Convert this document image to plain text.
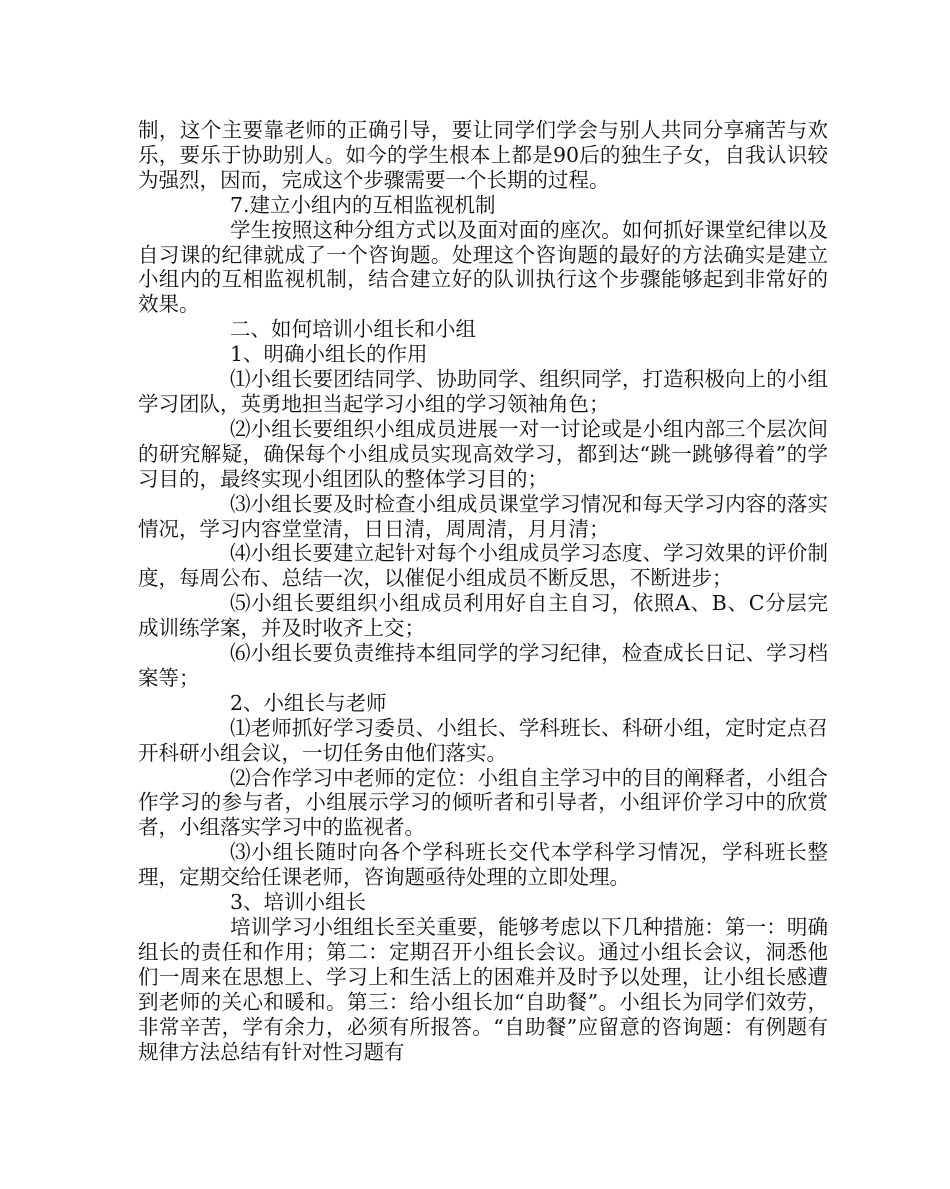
制，这个主要靠老师的正确引导，要让同学们学会与别人共同分享痛苦与欢乐，要乐于协助别人。如今的学生根本上都是90后的独生子女，自我认识较为强烈，因而，完成这个步骤需要一个长期的过程。

7.建立小组内的互相监视机制

学生按照这种分组方式以及面对面的座次。如何抓好课堂纪律以及自习课的纪律就成了一个咨询题。处理这个咨询题的最好的方法确实是建立小组内的互相监视机制，结合建立好的队训执行这个步骤能够起到非常好的效果。

二、如何培训小组长和小组

1、明确小组长的作用

⑴小组长要团结同学、协助同学、组织同学，打造积极向上的小组学习团队，英勇地担当起学习小组的学习领袖角色；

⑵小组长要组织小组成员进展一对一讨论或是小组内部三个层次间的研究解疑，确保每个小组成员实现高效学习，都到达“跳一跳够得着”的学习目的，最终实现小组团队的整体学习目的；

⑶小组长要及时检查小组成员课堂学习情况和每天学习内容的落实情况，学习内容堂堂清，日日清，周周清，月月清；

⑷小组长要建立起针对每个小组成员学习态度、学习效果的评价制度，每周公布、总结一次，以催促小组成员不断反思，不断进步；

⑸小组长要组织小组成员利用好自主自习，依照A、B、C分层完成训练学案，并及时收齐上交；

⑹小组长要负责维持本组同学的学习纪律，检查成长日记、学习档案等；

2、小组长与老师

⑴老师抓好学习委员、小组长、学科班长、科研小组，定时定点召开科研小组会议，一切任务由他们落实。

⑵合作学习中老师的定位：小组自主学习中的目的阐释者，小组合作学习的参与者，小组展示学习的倾听者和引导者，小组评价学习中的欣赏者，小组落实学习中的监视者。

⑶小组长随时向各个学科班长交代本学科学习情况，学科班长整理，定期交给任课老师，咨询题亟待处理的立即处理。

3、培训小组长

培训学习小组组长至关重要，能够考虑以下几种措施：第一：明确组长的责任和作用；第二：定期召开小组长会议。通过小组长会议，洞悉他们一周来在思想上、学习上和生活上的困难并及时予以处理，让小组长感遭到老师的关心和暖和。第三：给小组长加“自助餐”。小组长为同学们效劳，非常辛苦，学有余力，必须有所报答。“自助餐”应留意的咨询题：有例题有规律方法总结有针对性习题有
